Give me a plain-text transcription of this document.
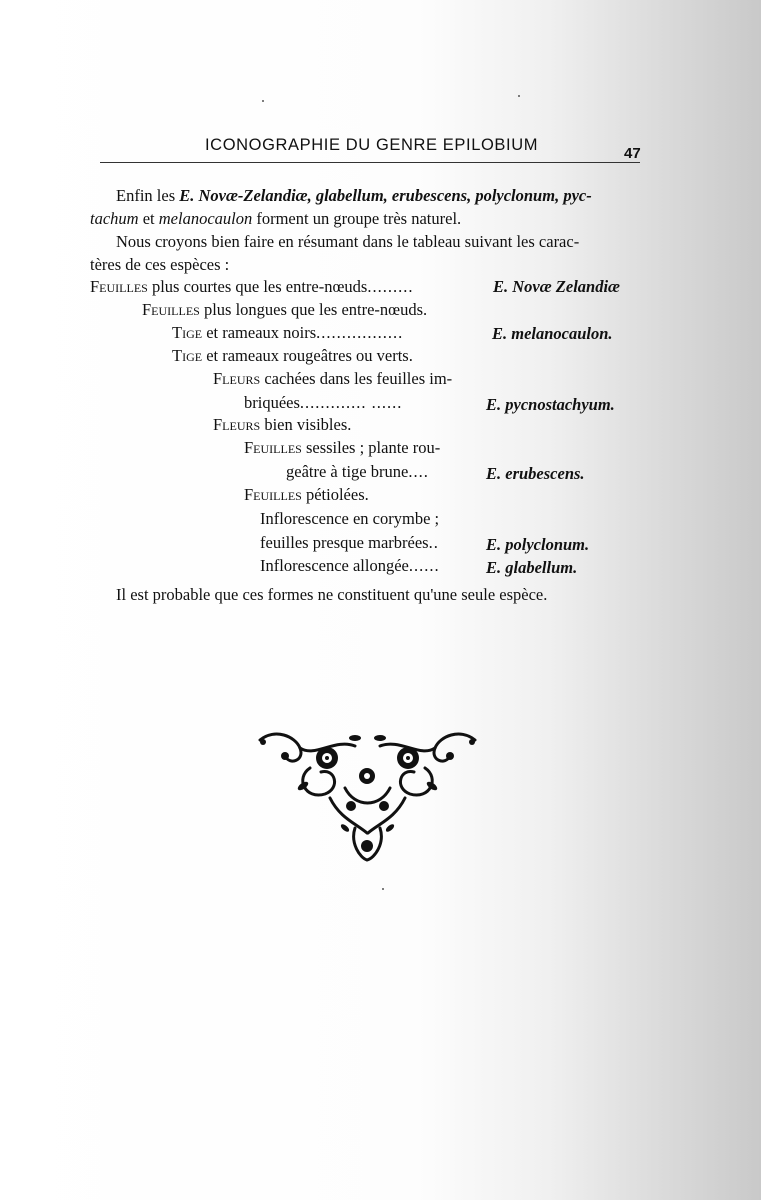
ICONOGRAPHIE DU GENRE EPILOBIUM	47
Enfin les E. Novæ-Zelandiæ, glabellum, erubescens, polyclonum, pyc-
tachum et melanocaulon forment un groupe très naturel.
Nous croyons bien faire en résumant dans le tableau suivant les carac-
tères de ces espèces :
Feuilles plus courtes que les entre-nœuds.........	E. Novæ Zelandiæ
Feuilles plus longues que les entre-nœuds.
Tige et rameaux noirs.................	E. melanocaulon.
Tige et rameaux rougeâtres ou verts.
Fleurs cachées dans les feuilles im-
briquées............. ......	E. pycnostachyum.
Fleurs bien visibles.
Feuilles sessiles ; plante rou-
geâtre à tige brune....	E. erubescens.
Feuilles pétiolées.
Inflorescence en corymbe ;
feuilles presque marbrées..	E. polyclonum.
Inflorescence allongée......	E. glabellum.
Il est probable que ces formes ne constituent qu'une seule espèce.
